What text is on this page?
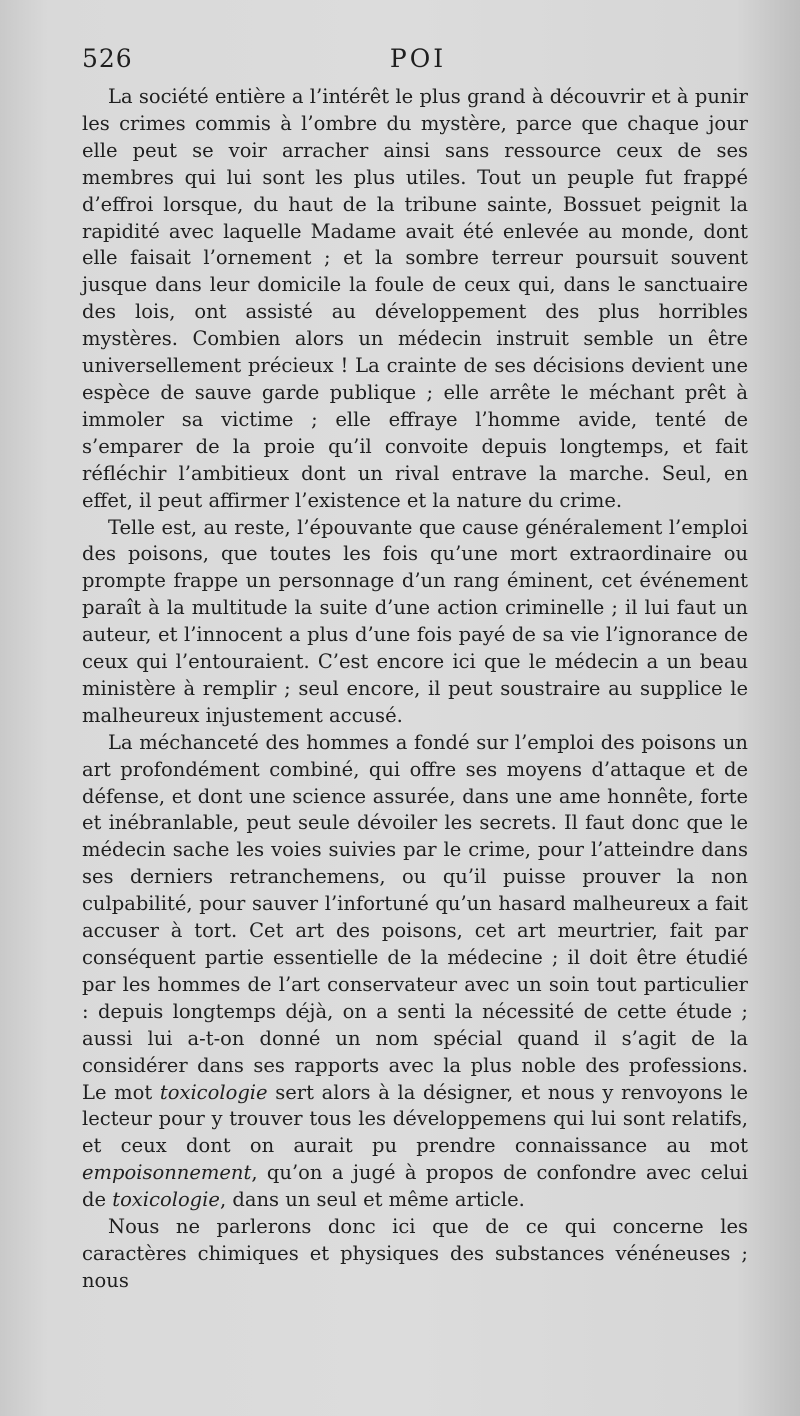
526	POI

La société entière a l’intérêt le plus grand à découvrir et à punir les crimes commis à l’ombre du mystère, parce que chaque jour elle peut se voir arracher ainsi sans ressource ceux de ses membres qui lui sont les plus utiles. Tout un peuple fut frappé d’effroi lorsque, du haut de la tribune sainte, Bossuet peignit la rapidité avec laquelle Madame avait été enlevée au monde, dont elle faisait l’ornement ; et la sombre terreur poursuit souvent jusque dans leur domicile la foule de ceux qui, dans le sanctuaire des lois, ont assisté au développement des plus horribles mystères. Combien alors un médecin instruit semble un être universellement précieux ! La crainte de ses décisions devient une espèce de sauve garde publique ; elle arrête le méchant prêt à immoler sa victime ; elle effraye l’homme avide, tenté de s’emparer de la proie qu’il convoite depuis longtemps, et fait réfléchir l’ambitieux dont un rival entrave la marche. Seul, en effet, il peut affirmer l’existence et la nature du crime.

Telle est, au reste, l’épouvante que cause généralement l’emploi des poisons, que toutes les fois qu’une mort extraordinaire ou prompte frappe un personnage d’un rang éminent, cet événement paraît à la multitude la suite d’une action criminelle ; il lui faut un auteur, et l’innocent a plus d’une fois payé de sa vie l’ignorance de ceux qui l’entouraient. C’est encore ici que le médecin a un beau ministère à remplir ; seul encore, il peut soustraire au supplice le malheureux injustement accusé.

La méchanceté des hommes a fondé sur l’emploi des poisons un art profondément combiné, qui offre ses moyens d’attaque et de défense, et dont une science assurée, dans une ame honnête, forte et inébranlable, peut seule dévoiler les secrets. Il faut donc que le médecin sache les voies suivies par le crime, pour l’atteindre dans ses derniers retranchemens, ou qu’il puisse prouver la non culpabilité, pour sauver l’infortuné qu’un hasard malheureux a fait accuser à tort. Cet art des poisons, cet art meurtrier, fait par conséquent partie essentielle de la médecine ; il doit être étudié par les hommes de l’art conservateur avec un soin tout particulier : depuis longtemps déjà, on a senti la nécessité de cette étude ; aussi lui a-t-on donné un nom spécial quand il s’agit de la considérer dans ses rapports avec la plus noble des professions. Le mot toxicologie sert alors à la désigner, et nous y renvoyons le lecteur pour y trouver tous les développemens qui lui sont relatifs, et ceux dont on aurait pu prendre connaissance au mot empoisonnement, qu’on a jugé à propos de confondre avec celui de toxicologie, dans un seul et même article.

Nous ne parlerons donc ici que de ce qui concerne les caractères chimiques et physiques des substances vénéneuses ; nous
